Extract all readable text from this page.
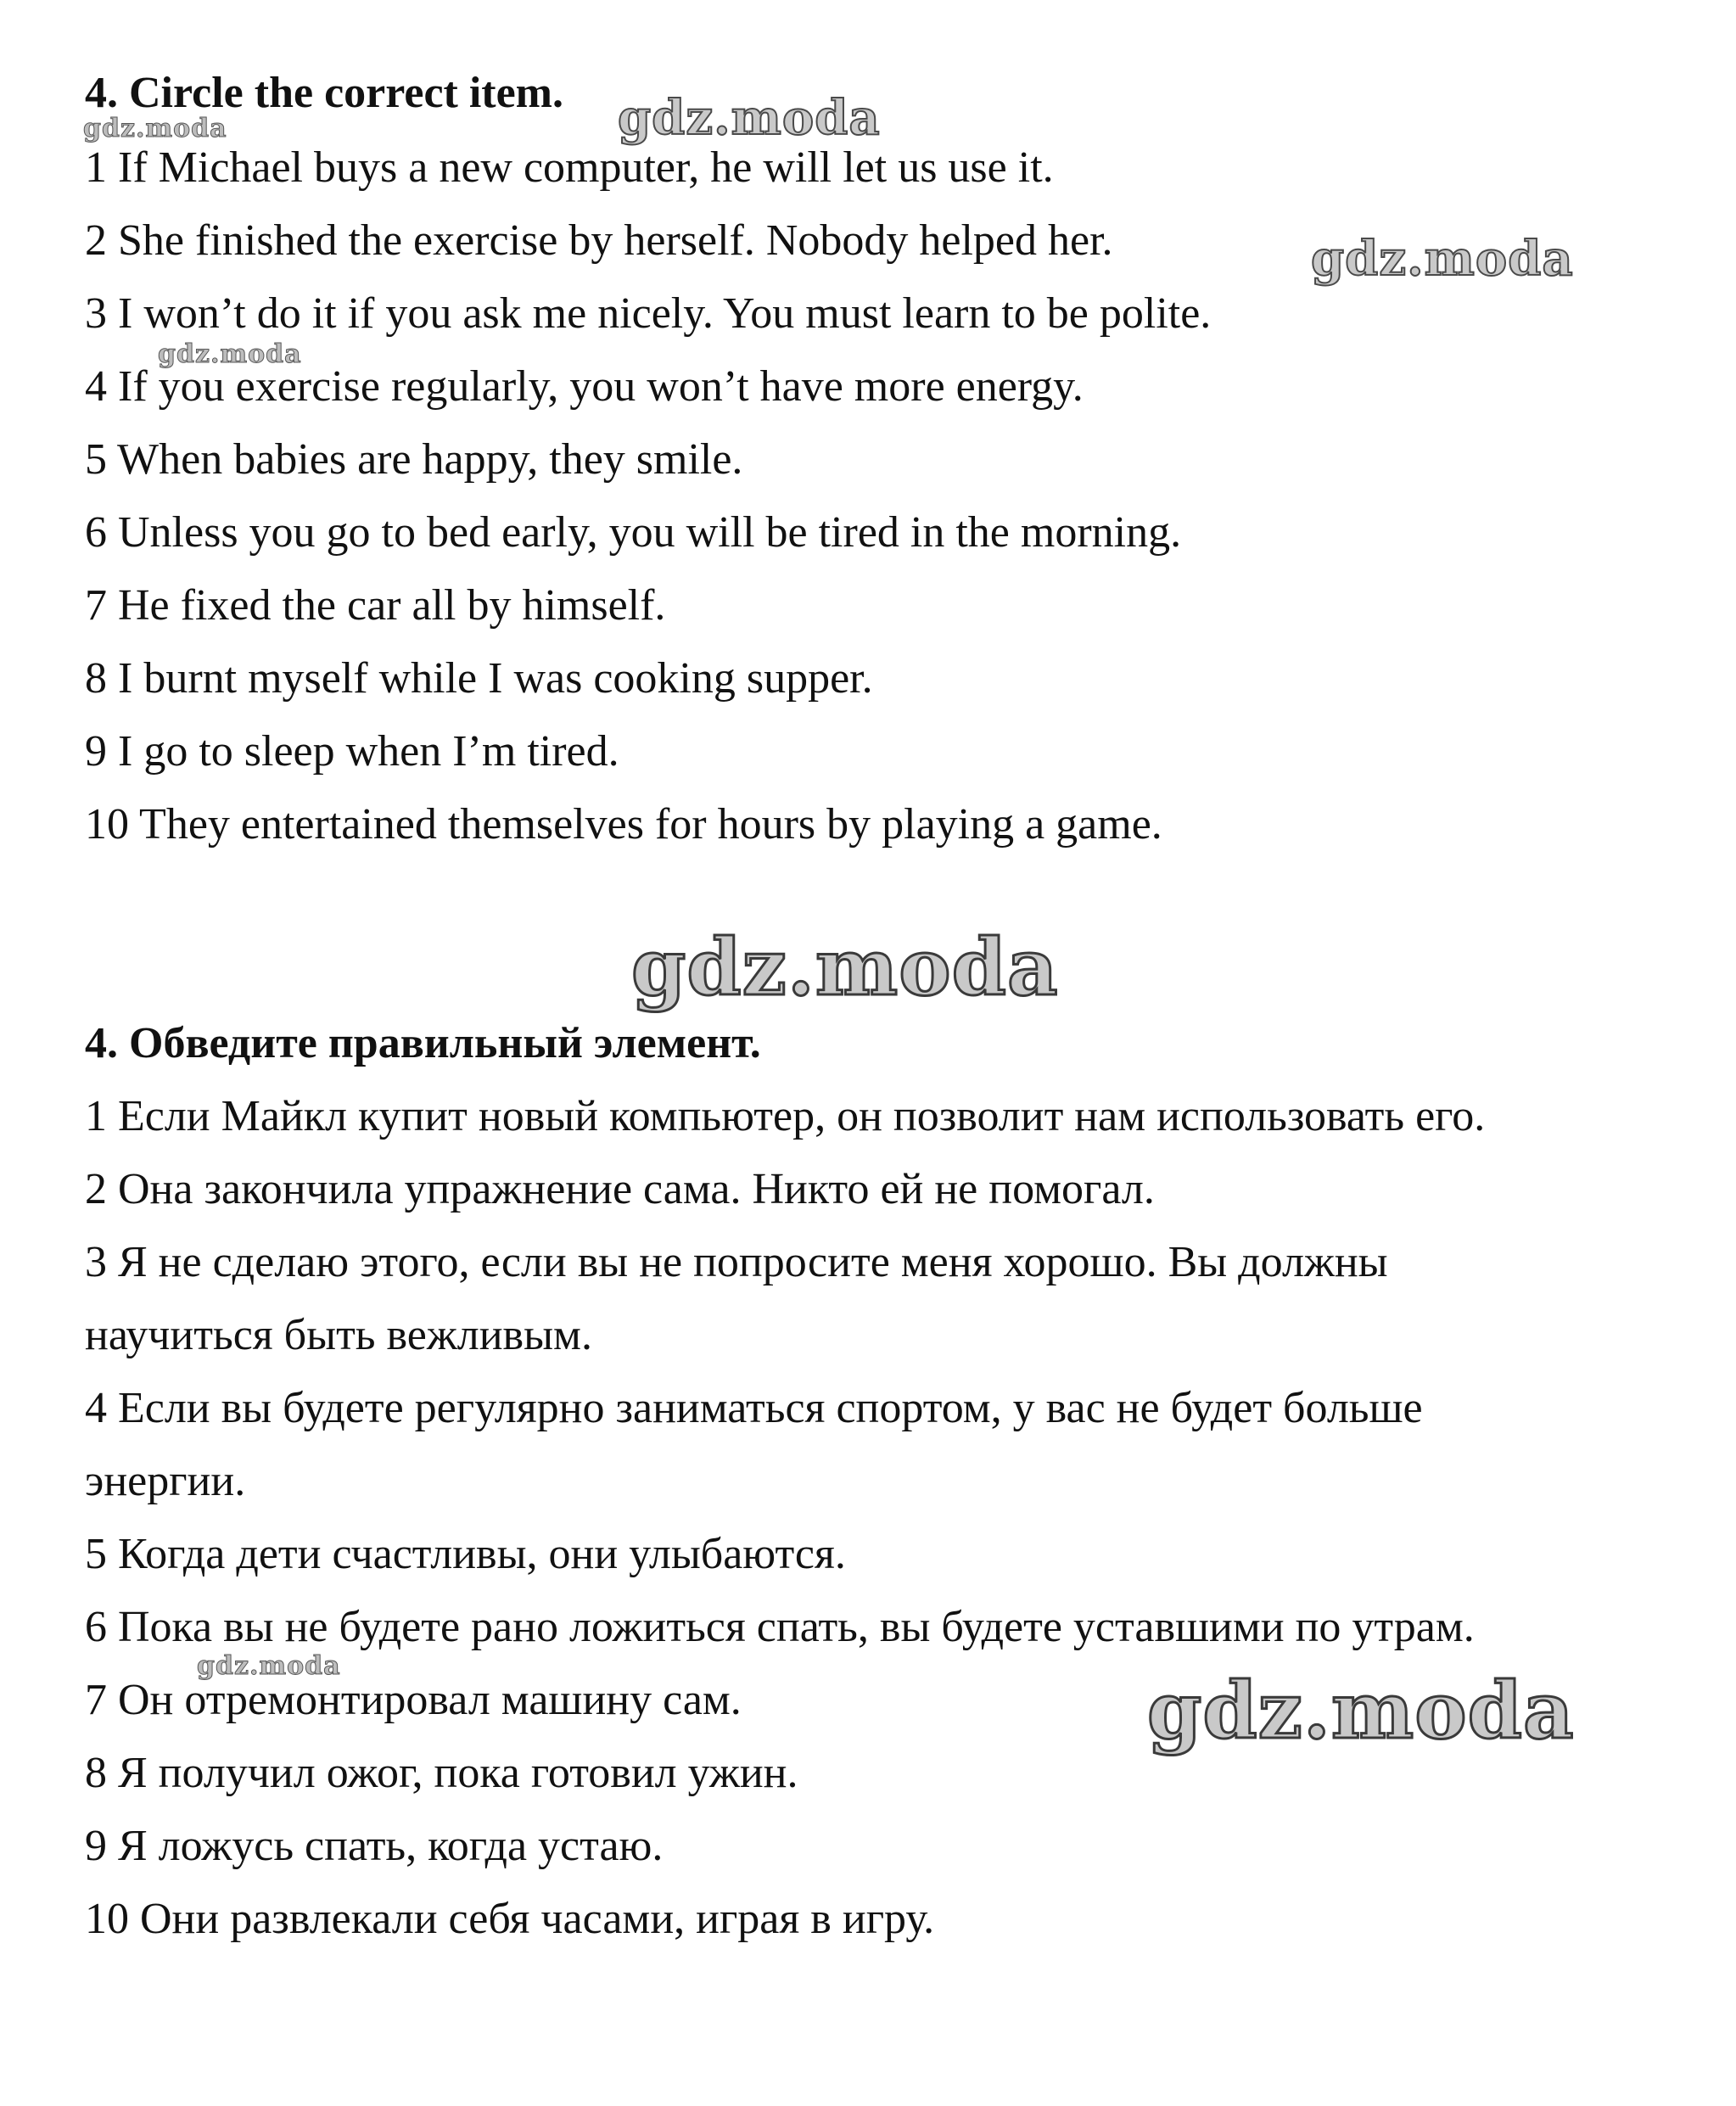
4. Circle the correct item.
1 If Michael buys a new computer, he will let us use it.
2 She finished the exercise by herself. Nobody helped her.
3 I won’t do it if you ask me nicely. You must learn to be polite.
4 If you exercise regularly, you won’t have more energy.
5 When babies are happy, they smile.
6 Unless you go to bed early, you will be tired in the morning.
7 He fixed the car all by himself.
8 I burnt myself while I was cooking supper.
9 I go to sleep when I’m tired.
10 They entertained themselves for hours by playing a game.
4. Обведите правильный элемент.
1 Если Майкл купит новый компьютер, он позволит нам использовать его.
2 Она закончила упражнение сама. Никто ей не помогал.
3 Я не сделаю этого, если вы не попросите меня хорошо. Вы должны
научиться быть вежливым.
4 Если вы будете регулярно заниматься спортом, у вас не будет больше
энергии.
5 Когда дети счастливы, они улыбаются.
6 Пока вы не будете рано ложиться спать, вы будете уставшими по утрам.
7 Он отремонтировал машину сам.
8 Я получил ожог, пока готовил ужин.
9 Я ложусь спать, когда устаю.
10 Они развлекали себя часами, играя в игру.
gdz.moda	gdz.moda
gdz.moda
gdz.moda
gdz.moda
gdz.moda	gdz.moda
